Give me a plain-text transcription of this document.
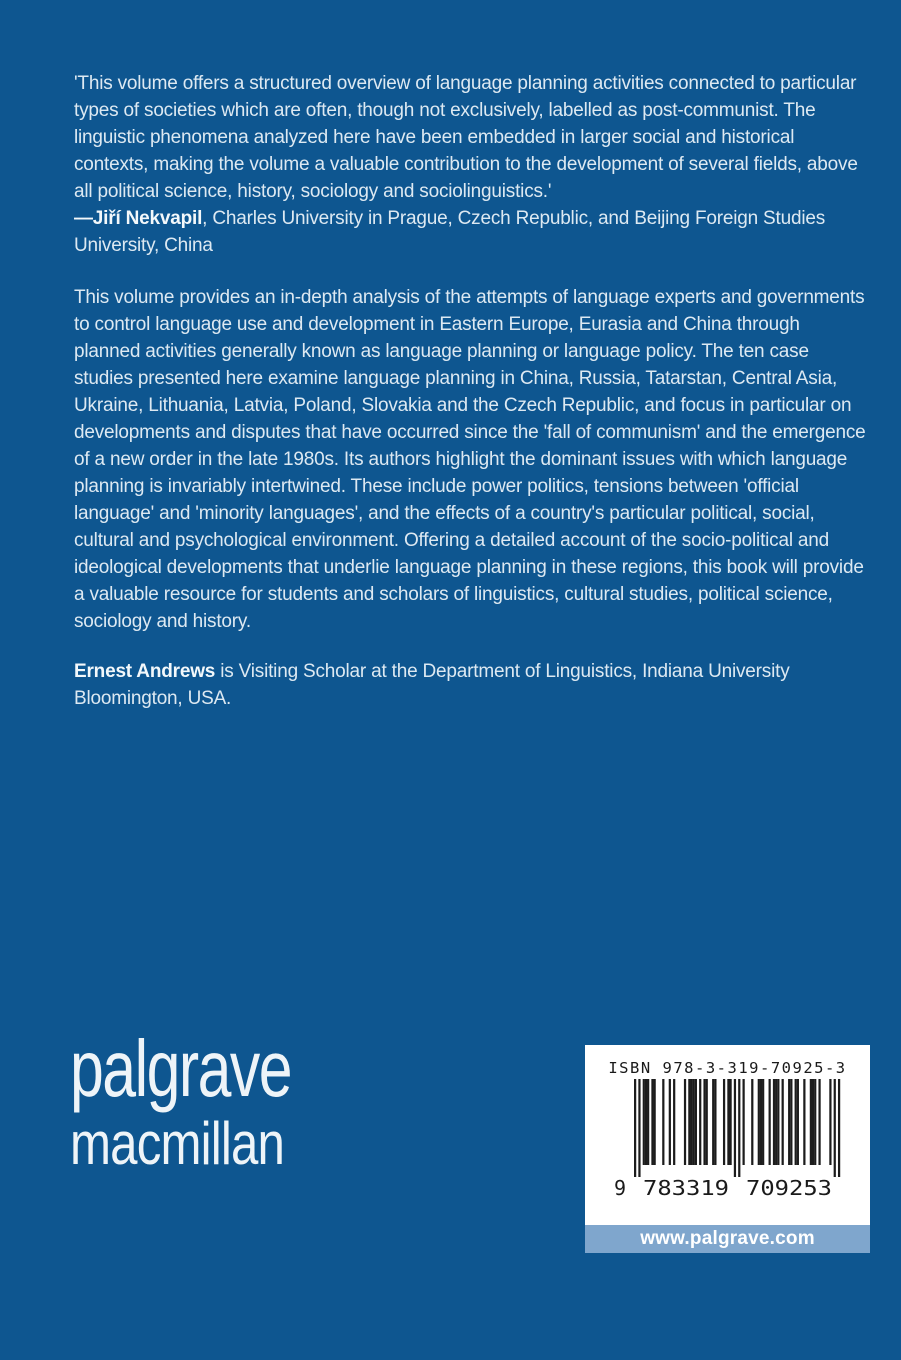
'This volume offers a structured overview of language planning activities connected to particular types of societies which are often, though not exclusively, labelled as post-communist. The linguistic phenomena analyzed here have been embedded in larger social and historical contexts, making the volume a valuable contribution to the development of several fields, above all political science, history, sociology and sociolinguistics.'
—Jiří Nekvapil, Charles University in Prague, Czech Republic, and Beijing Foreign Studies University, China

This volume provides an in-depth analysis of the attempts of language experts and governments to control language use and development in Eastern Europe, Eurasia and China through planned activities generally known as language planning or language policy. The ten case studies presented here examine language planning in China, Russia, Tatarstan, Central Asia, Ukraine, Lithuania, Latvia, Poland, Slovakia and the Czech Republic, and focus in particular on developments and disputes that have occurred since the 'fall of communism' and the emergence of a new order in the late 1980s. Its authors highlight the dominant issues with which language planning is invariably intertwined. These include power politics, tensions between 'official language' and 'minority languages', and the effects of a country's particular political, social, cultural and psychological environment. Offering a detailed account of the socio-political and ideological developments that underlie language planning in these regions, this book will provide a valuable resource for students and scholars of linguistics, cultural studies, political science, sociology and history.

Ernest Andrews is Visiting Scholar at the Department of Linguistics, Indiana University Bloomington, USA.

palgrave
macmillan
ISBN 978-3-319-70925-3
9 783319 709253
www.palgrave.com
